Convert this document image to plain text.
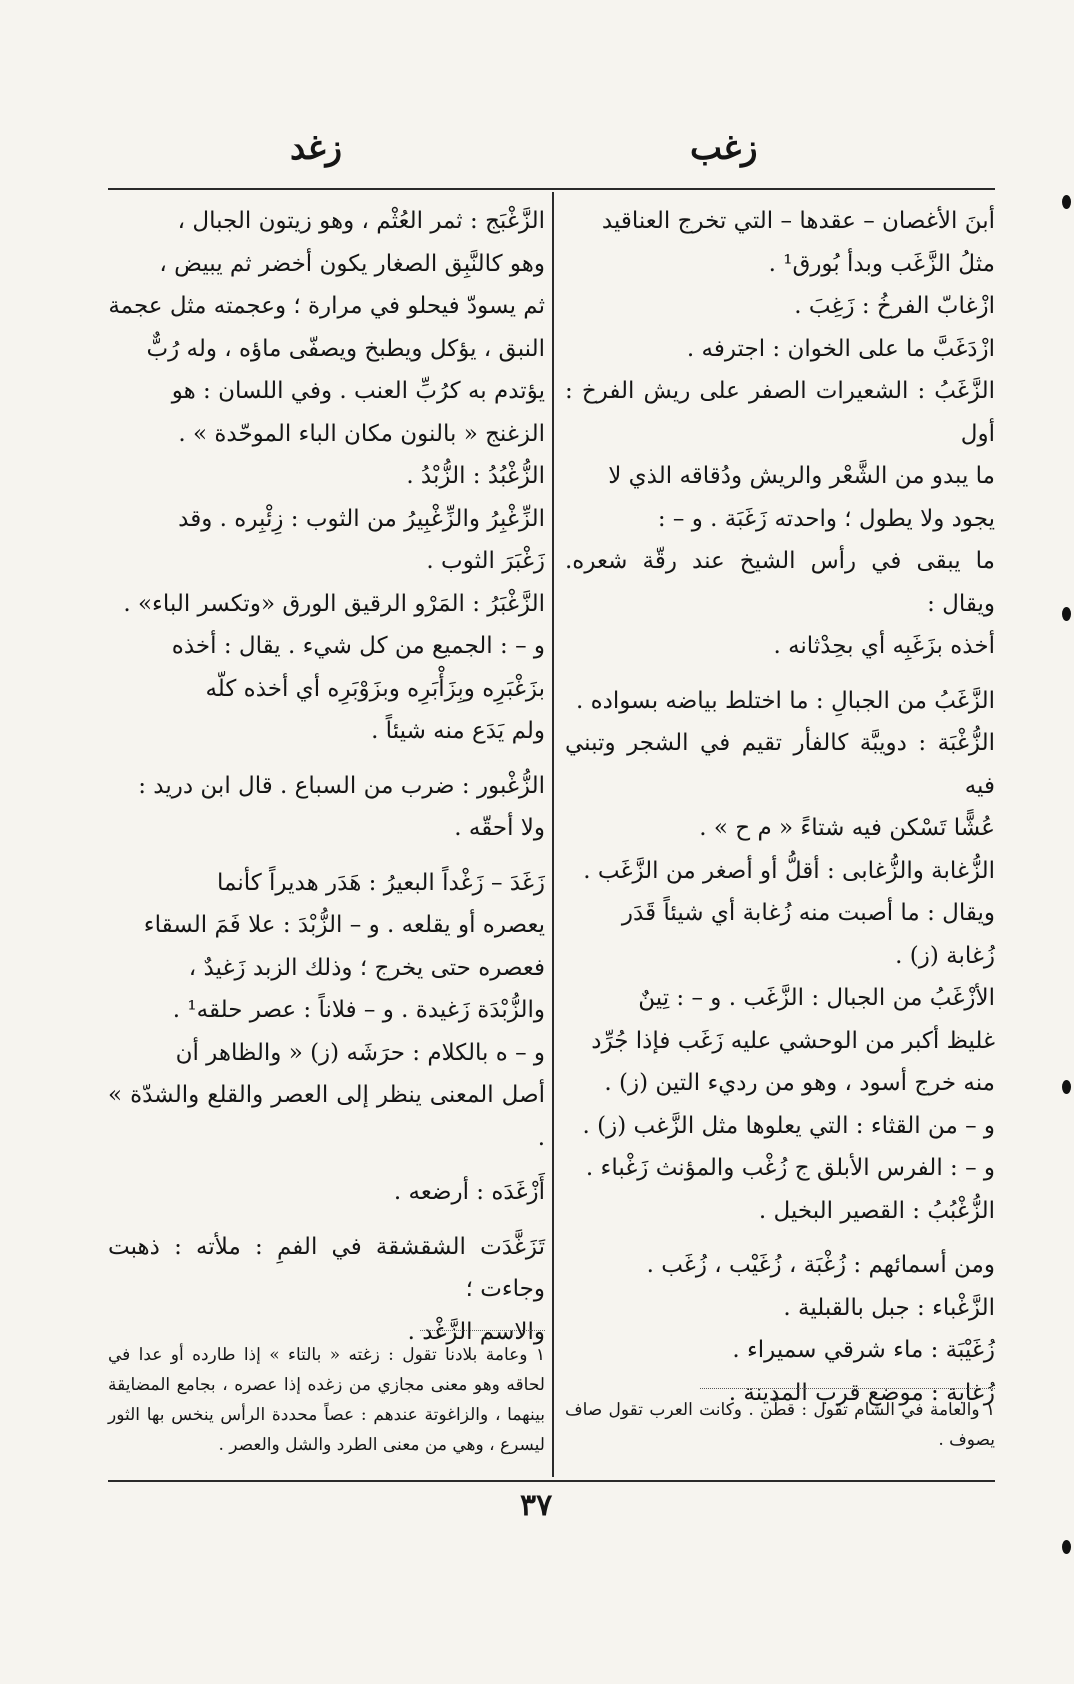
زغب
زغد

أبنَ الأغصان – عقدها – التي تخرج العناقيد

مثلُ الزَّغَب وبدأ بُورق¹ .

ازْغابّ الفرخُ : زَغِبَ .

ازْدَغَبَّ ما على الخوان : اجترفه .

الزَّغَبُ : الشعيرات الصفر على ريش الفرخ : أول

ما يبدو من الشَّعْر والريش ودُقاقه الذي لا

يجود ولا يطول ؛ واحدته زَغَبَة . و – :

ما يبقى في رأس الشيخ عند رقّة شعره. ويقال :

أخذه بزَغَبِه أي بحِدْثانه .

الزَّغَبُ من الجبالِ : ما اختلط بياضه بسواده .

الزُّغْبَة : دويبَّة كالفأر تقيم في الشجر وتبني فيه

عُشًّا تَسْكن فيه شتاءً « م ح » .

الزُّغابة والزُّغابى : أقلُّ أو أصغر من الزَّغَب .

ويقال : ما أصبت منه زُغابة أي شيئاً قَدَر

زُغابة (ز) .

الأزْغَبُ من الجبال : الزَّغَب . و – : تِينٌ

غليظ أكبر من الوحشي عليه زَغَب فإذا جُرِّد

منه خرج أسود ، وهو من رديء التين (ز) .

و – من القثاء : التي يعلوها مثل الزَّغب (ز) .

و – : الفرس الأبلق ج زُغْب والمؤنث زَغْباء .

الزُّغْبُبُ : القصير البخيل .

ومن أسمائهم : زُغْبَة ، زُغَيْب ، زُغَب .

الزَّغْباء : جبل بالقبلية .

زُغَيْبَة : ماء شرقي سميراء .

زُغابة : موضع قرب المدينة .

الزَّغْبَج : ثمر العُثْم ، وهو زيتون الجبال ،

وهو كالنَّبِق الصغار يكون أخضر ثم يبيض ،

ثم يسودّ فيحلو في مرارة ؛ وعجمته مثل عجمة

النبق ، يؤكل ويطبخ ويصفّى ماؤه ، وله رُبٌّ

يؤتدم به كرُبِّ العنب . وفي اللسان : هو

الزغنج « بالنون مكان الباء الموحّدة » .

الزُّغْبُدُ : الزُّبْدُ .

الزِّغْبِرُ والزِّغْبِيرُ من الثوب : زِئْبِره . وقد

زَغْبَرَ الثوب .

الزَّغْبَرُ : المَرْو الرقيق الورق «وتكسر الباء» .

و – : الجميع من كل شيء . يقال : أخذه

بزَغْبَرِه وبِزَأْبَرِه وبزَوْبَرِه أي أخذه كلّه

ولم يَدَع منه شيئاً .

الزُّغْبور : ضرب من السباع . قال ابن دريد :

ولا أحقّه .

زَغَدَ – زَغْداً البعيرُ : هَدَر هديراً كأنما

يعصره أو يقلعه . و – الزُّبْدَ : علا فَمَ السقاء

فعصره حتى يخرج ؛ وذلك الزبد زَغيدٌ ،

والزُّبْدَة زَغيدة . و – فلاناً : عصر حلقه¹ .

و – ه بالكلام : حرَشَه (ز) « والظاهر أن

أصل المعنى ينظر إلى العصر والقلع والشدّة » .

أَزْغَدَه : أرضعه .

تَزَغَّدَت الشقشقة في الفمِ : ملأته : ذهبت وجاءت ؛

والاسم الزَّغْد .

١ والعامة في الشام تقول : قطّن . وكانت العرب تقول صاف يصوف .
١ وعامة بلادنا تقول : زغته « بالتاء » إذا طارده أو عدا في لحاقه وهو معنى مجازي من زغده إذا عصره ، بجامع المضايقة بينهما ، والزاغوتة عندهم : عصاً محددة الرأس ينخس بها الثور ليسرع ، وهي من معنى الطرد والشل والعصر .
٣٧
